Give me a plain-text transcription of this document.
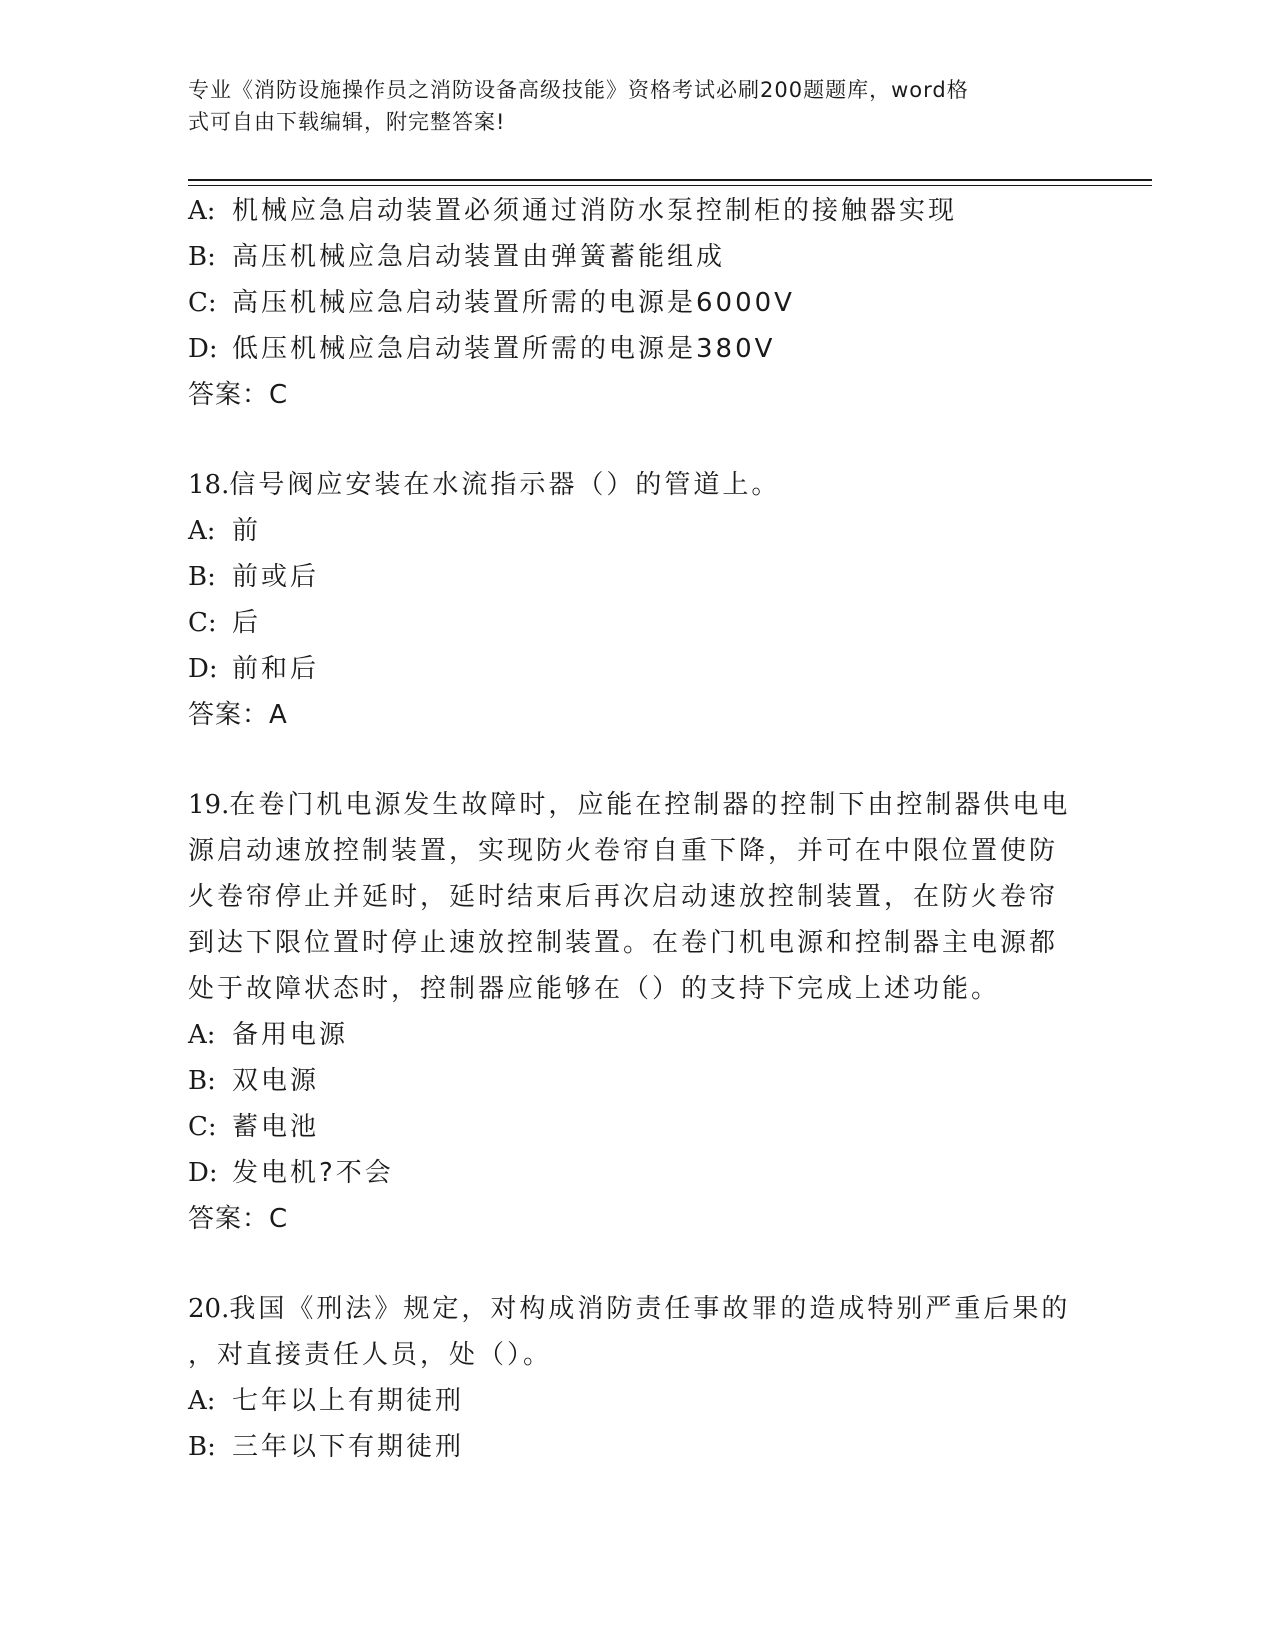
专业《消防设施操作员之消防设备高级技能》资格考试必刷200题题库，word格
式可自由下载编辑，附完整答案!
A: 机械应急启动装置必须通过消防水泵控制柜的接触器实现
B: 高压机械应急启动装置由弹簧蓄能组成
C: 高压机械应急启动装置所需的电源是6000V
D: 低压机械应急启动装置所需的电源是380V
答案：C
18.信号阀应安装在水流指示器（）的管道上。
A: 前
B: 前或后
C: 后
D: 前和后
答案：A
19.在卷门机电源发生故障时，应能在控制器的控制下由控制器供电电
源启动速放控制装置，实现防火卷帘自重下降，并可在中限位置使防
火卷帘停止并延时，延时结束后再次启动速放控制装置，在防火卷帘
到达下限位置时停止速放控制装置。在卷门机电源和控制器主电源都
处于故障状态时，控制器应能够在（）的支持下完成上述功能。
A: 备用电源
B: 双电源
C: 蓄电池
D: 发电机?不会
答案：C
20.我国《刑法》规定，对构成消防责任事故罪的造成特别严重后果的
，对直接责任人员，处（）。
A: 七年以上有期徒刑
B: 三年以下有期徒刑
